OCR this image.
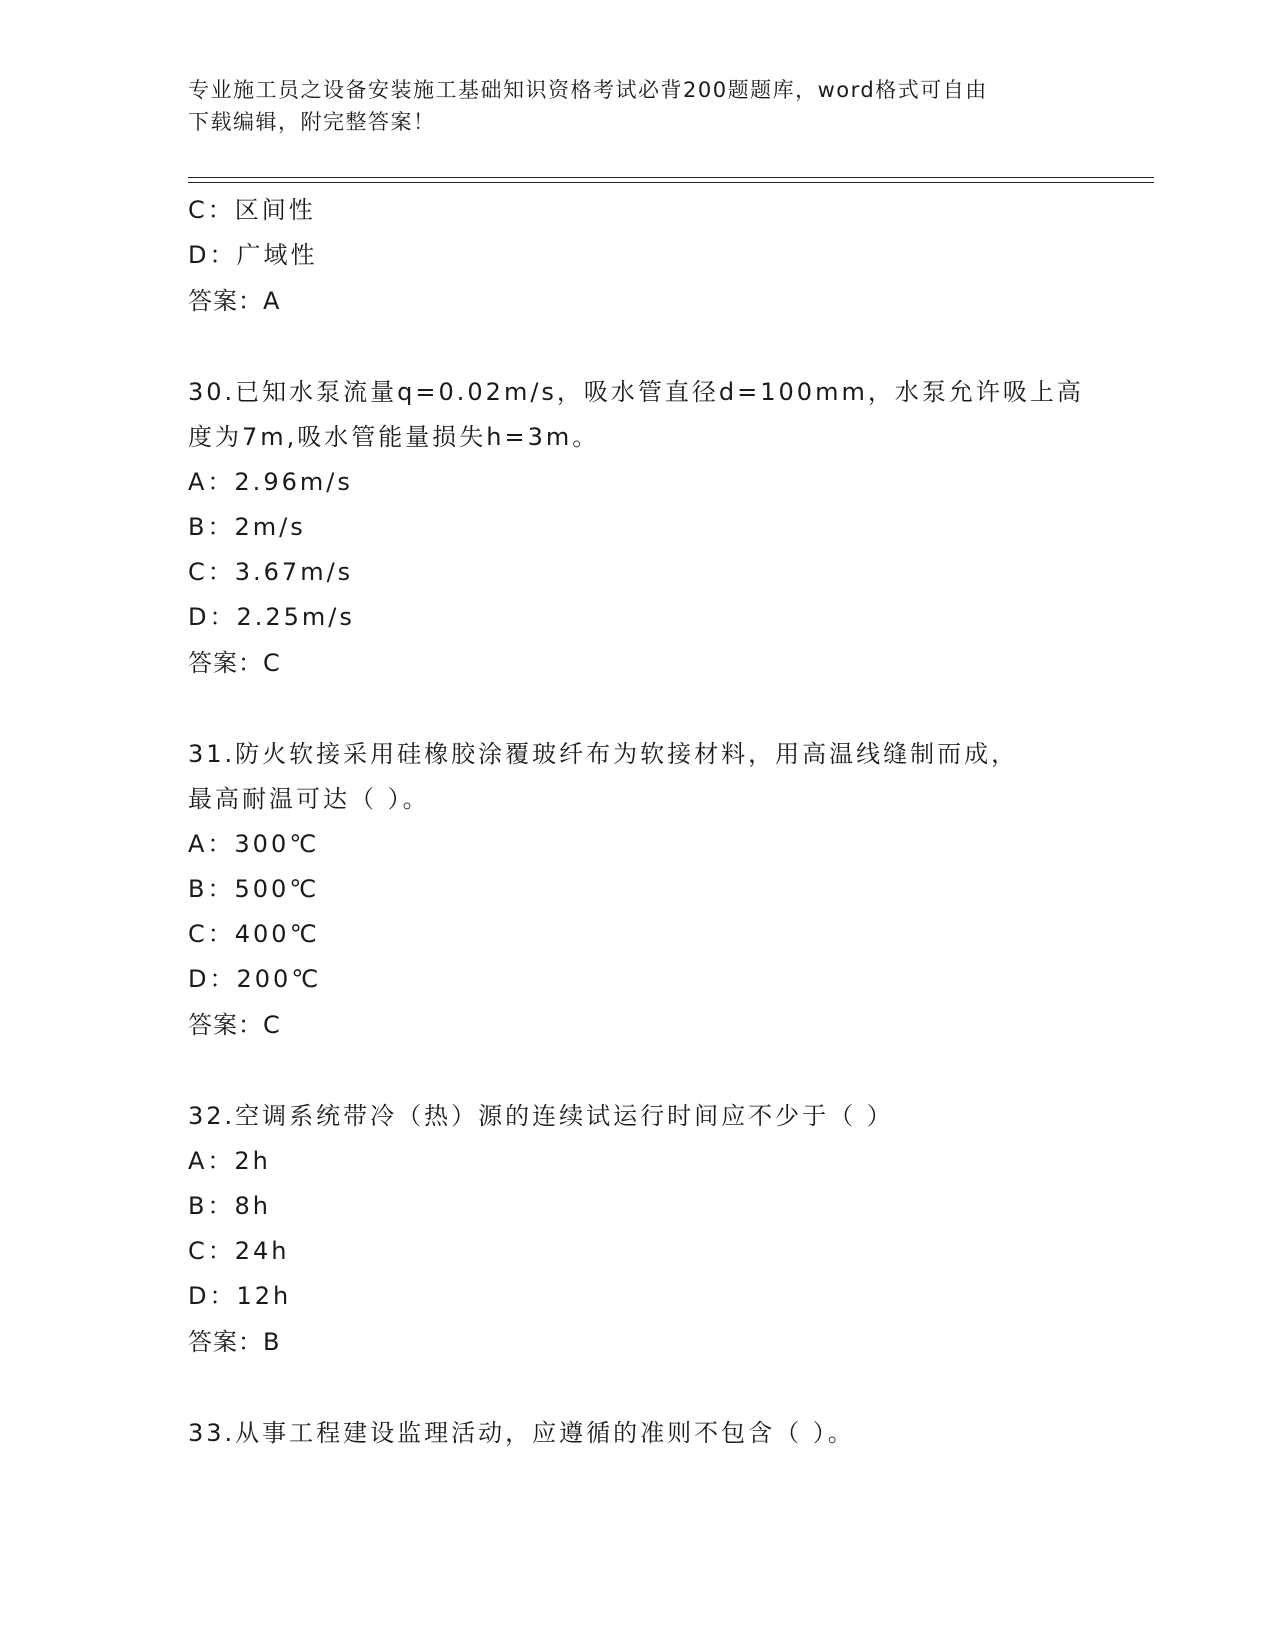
专业施工员之设备安装施工基础知识资格考试必背200题题库，word格式可自由
下载编辑，附完整答案！
C：区间性
D：广域性
答案：A
30.已知水泵流量q=0.02m/s，吸水管直径d=100mm，水泵允许吸上高
度为7m,吸水管能量损失h=3m。
A：2.96m/s
B：2m/s
C：3.67m/s
D：2.25m/s
答案：C
31.防火软接采用硅橡胶涂覆玻纤布为软接材料，用高温线缝制而成，
最高耐温可达（ ）。
A：300℃
B：500℃
C：400℃
D：200℃
答案：C
32.空调系统带冷（热）源的连续试运行时间应不少于（ ）
A：2h
B：8h
C：24h
D：12h
答案：B
33.从事工程建设监理活动，应遵循的准则不包含（ ）。
